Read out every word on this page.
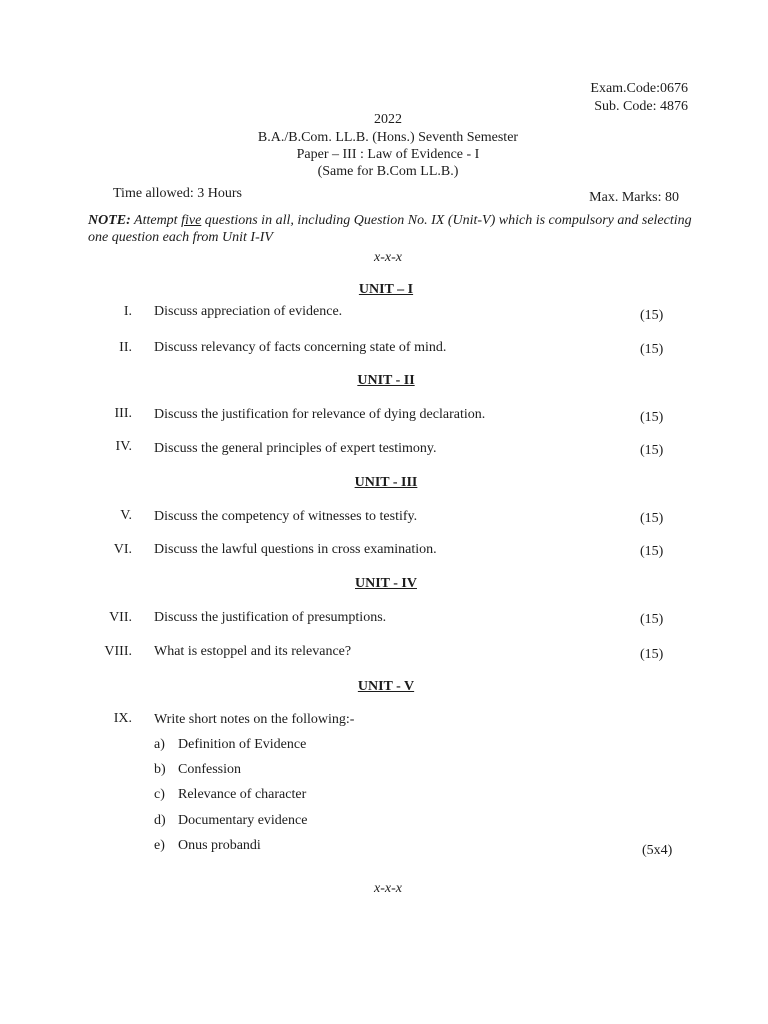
Exam.Code:0676
Sub. Code: 4876
2022
B.A./B.Com. LL.B. (Hons.) Seventh Semester
Paper – III : Law of Evidence - I
(Same for B.Com LL.B.)
Time allowed: 3 Hours	Max. Marks: 80
NOTE: Attempt five questions in all, including Question No. IX (Unit-V) which is compulsory and selecting one question each from Unit I-IV
x-x-x
UNIT – I
I. Discuss appreciation of evidence.	(15)
II. Discuss relevancy of facts concerning state of mind.	(15)
UNIT - II
III. Discuss the justification for relevance of dying declaration.	(15)
IV. Discuss the general principles of expert testimony.	(15)
UNIT - III
V. Discuss the competency of witnesses to testify.	(15)
VI. Discuss the lawful questions in cross examination.	(15)
UNIT - IV
VII. Discuss the justification of presumptions.	(15)
VIII. What is estoppel and its relevance?	(15)
UNIT - V
IX. Write short notes on the following:-
a) Definition of Evidence
b) Confession
c) Relevance of character
d) Documentary evidence
e) Onus probandi	(5x4)
x-x-x
